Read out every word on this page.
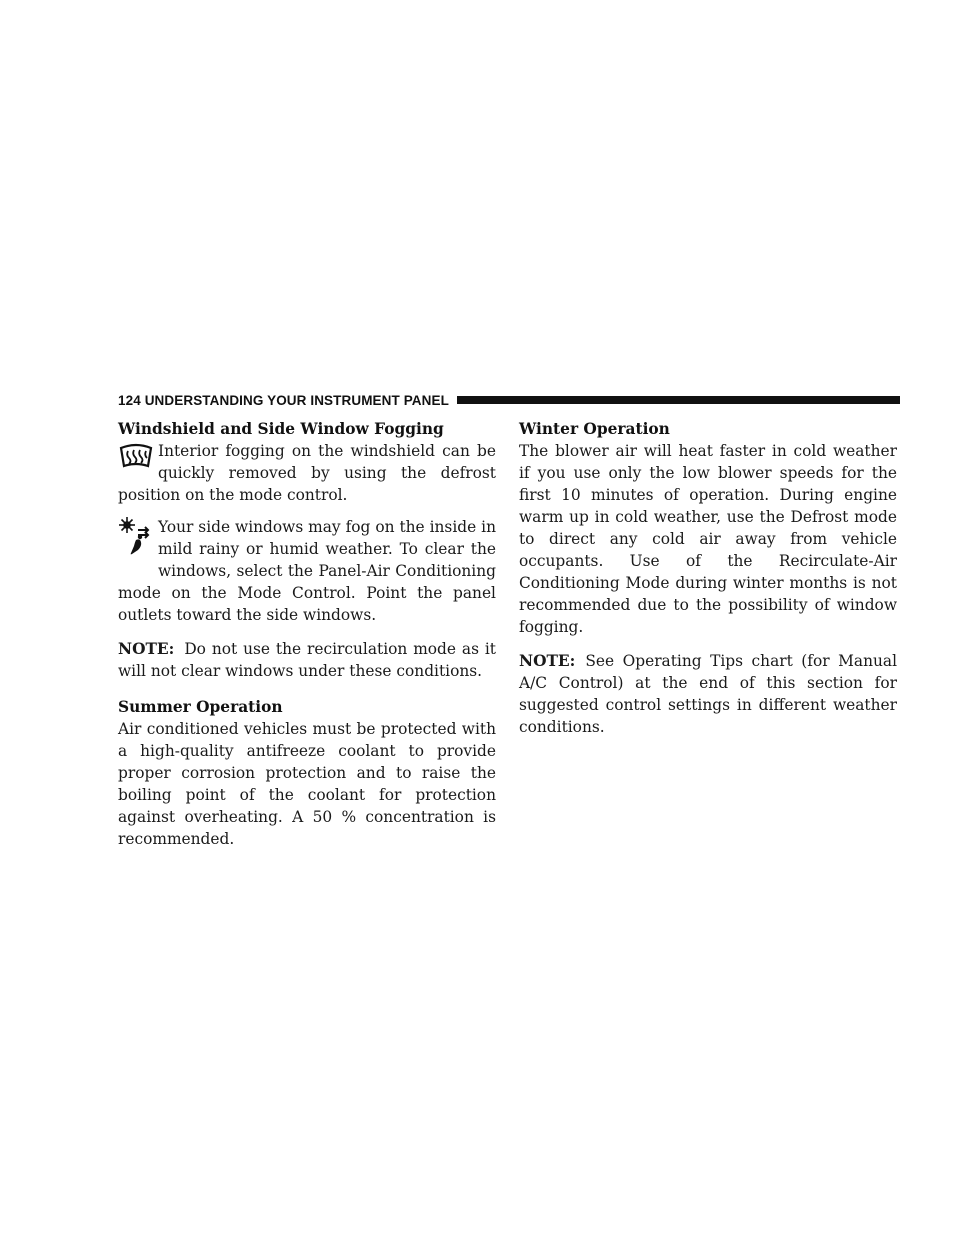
124 UNDERSTANDING YOUR INSTRUMENT PANEL
Windshield and Side Window Fogging

Interior fogging on the windshield can be quickly removed by using the defrost position on the mode control.

Your side windows may fog on the inside in mild rainy or humid weather. To clear the windows, select the Panel-Air Conditioning mode on the Mode Control. Point the panel outlets toward the side windows.

NOTE: Do not use the recirculation mode as it will not clear windows under these conditions.

Summer Operation

Air conditioned vehicles must be protected with a high-quality antifreeze coolant to provide proper corrosion protection and to raise the boiling point of the coolant for protection against overheating. A 50 % concentration is recommended.

Winter Operation

The blower air will heat faster in cold weather if you use only the low blower speeds for the first 10 minutes of operation. During engine warm up in cold weather, use the Defrost mode to direct any cold air away from vehicle occupants. Use of the Recirculate-Air Conditioning Mode during winter months is not recommended due to the possibility of window fogging.

NOTE: See Operating Tips chart (for Manual A/C Control) at the end of this section for suggested control settings in different weather conditions.
